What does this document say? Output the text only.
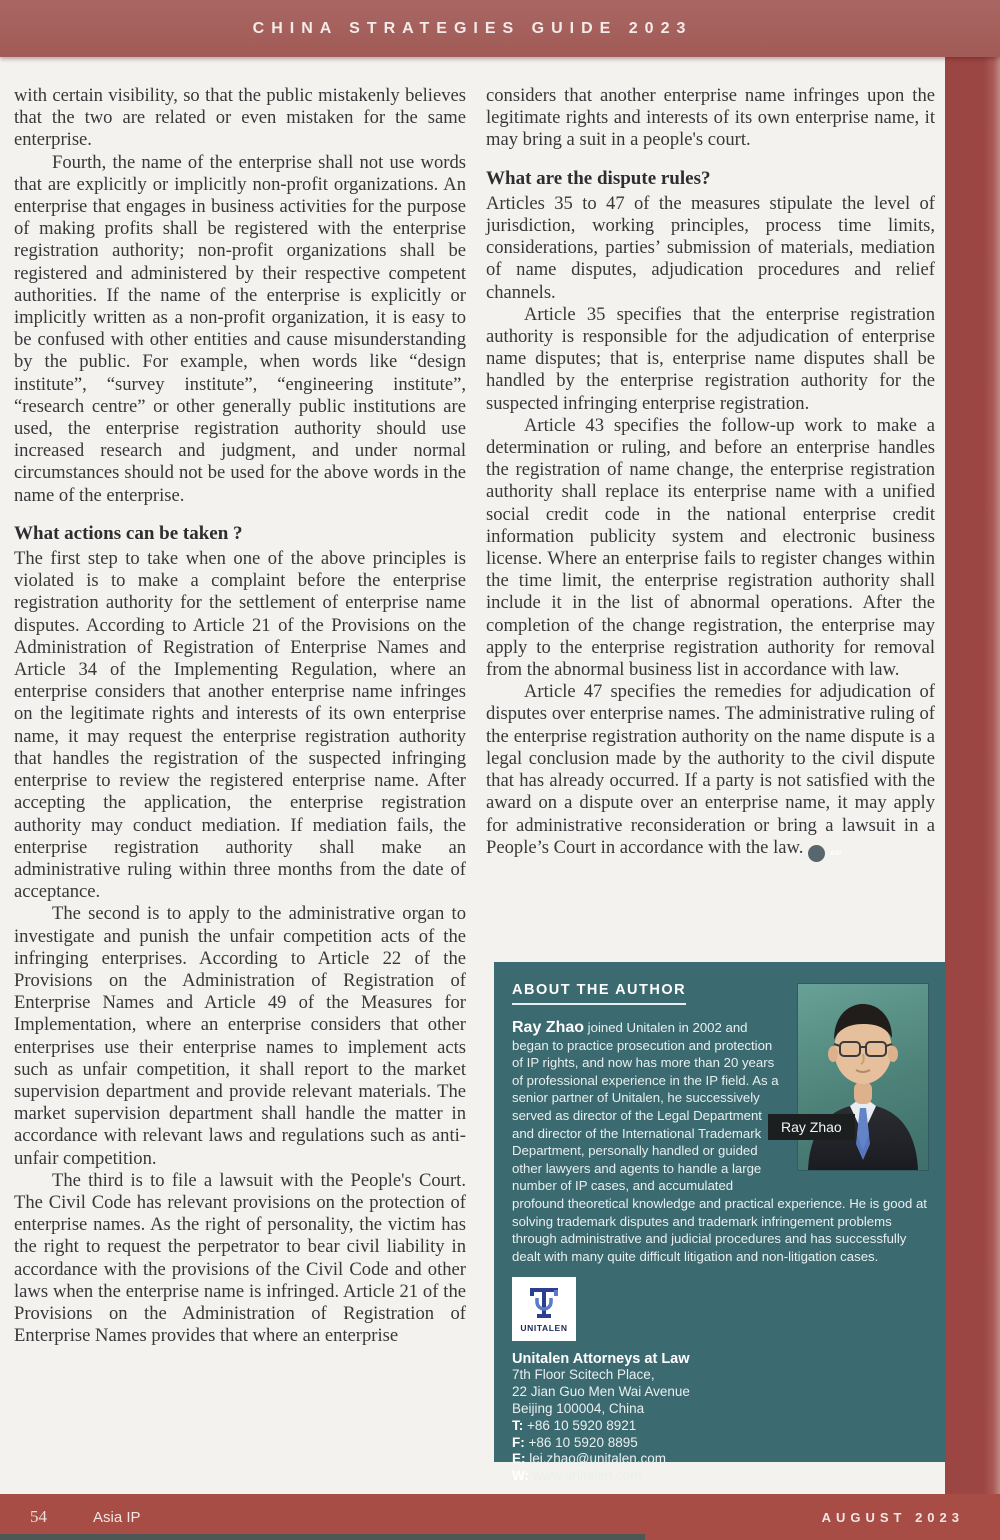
CHINA STRATEGIES GUIDE 2023

with certain visibility, so that the public mistakenly believes that the two are related or even mistaken for the same enterprise.

Fourth, the name of the enterprise shall not use words that are explicitly or implicitly non-profit organizations. An enterprise that engages in business activities for the purpose of making profits shall be registered with the enterprise registration authority; non-profit organizations shall be registered and administered by their respective competent authorities. If the name of the enterprise is explicitly or implicitly written as a non-profit organization, it is easy to be confused with other entities and cause misunderstanding by the public. For example, when words like “design institute”, “survey institute”, “engineering institute”, “research centre” or other generally public institutions are used, the enterprise registration authority should use increased research and judgment, and under normal circumstances should not be used for the above words in the name of the enterprise.

What actions can be taken ?

The first step to take when one of the above principles is violated is to make a complaint before the enterprise registration authority for the settlement of enterprise name disputes. According to Article 21 of the Provisions on the Administration of Registration of Enterprise Names and Article 34 of the Implementing Regulation, where an enterprise considers that another enterprise name infringes on the legitimate rights and interests of its own enterprise name, it may request the enterprise registration authority that handles the registration of the suspected infringing enterprise to review the registered enterprise name. After accepting the application, the enterprise registration authority may conduct mediation. If mediation fails, the enterprise registration authority shall make an administrative ruling within three months from the date of acceptance.

The second is to apply to the administrative organ to investigate and punish the unfair competition acts of the infringing enterprises. According to Article 22 of the Provisions on the Administration of Registration of Enterprise Names and Article 49 of the Measures for Implementation, where an enterprise considers that other enterprises use their enterprise names to implement acts such as unfair competition, it shall report to the market supervision department and provide relevant materials. The market supervision department shall handle the matter in accordance with relevant laws and regulations such as anti-unfair competition.

The third is to file a lawsuit with the People's Court. The Civil Code has relevant provisions on the protection of enterprise names. As the right of personality, the victim has the right to request the perpetrator to bear civil liability in accordance with the provisions of the Civil Code and other laws when the enterprise name is infringed. Article 21 of the Provisions on the Administration of Registration of Enterprise Names provides that where an enterprise

considers that another enterprise name infringes upon the legitimate rights and interests of its own enterprise name, it may bring a suit in a people's court.

What are the dispute rules?

Articles 35 to 47 of the measures stipulate the level of jurisdiction, working principles, process time limits, considerations, parties’ submission of materials, mediation of name disputes, adjudication procedures and relief channels.

Article 35 specifies that the enterprise registration authority is responsible for the adjudication of enterprise name disputes; that is, enterprise name disputes shall be handled by the enterprise registration authority for the suspected infringing enterprise registration.

Article 43 specifies the follow-up work to make a determination or ruling, and before an enterprise handles the registration of name change, the enterprise registration authority shall replace its enterprise name with a unified social credit code in the national enterprise credit information publicity system and electronic business license. Where an enterprise fails to register changes within the time limit, the enterprise registration authority shall include it in the list of abnormal operations. After the completion of the change registration, the enterprise may apply to the enterprise registration authority for removal from the abnormal business list in accordance with law.

Article 47 specifies the remedies for adjudication of disputes over enterprise names. The administrative ruling of the enterprise registration authority on the name dispute is a legal conclusion made by the authority to the civil dispute that has already occurred. If a party is not satisfied with the award on a dispute over an enterprise name, it may apply for administrative reconsideration or bring a lawsuit in a People’s Court in accordance with the law.	AIP

Ray Zhao
ABOUT THE AUTHOR

Ray Zhao joined Unitalen in 2002 and began to practice prosecution and protection of IP rights, and now has more than 20 years of professional experience in the IP field. As a senior partner of Unitalen, he successively served as director of the Legal Department and director of the International Trademark Department, personally handled or guided other lawyers and agents to handle a large number of IP cases, and accumulated profound theoretical knowledge and practical experience. He is good at solving trademark disputes and trademark infringement problems through administrative and judicial procedures and has successfully dealt with many quite difficult litigation and non-litigation cases.

UNITALEN
Unitalen Attorneys at Law
7th Floor Scitech Place,
22 Jian Guo Men Wai Avenue
Beijing 100004, China
T: +86 10 5920 8921
F: +86 10 5920 8895
E: lei.zhao@unitalen.com
W: www.unitalen.com
54	Asia IP	AUGUST 2023
